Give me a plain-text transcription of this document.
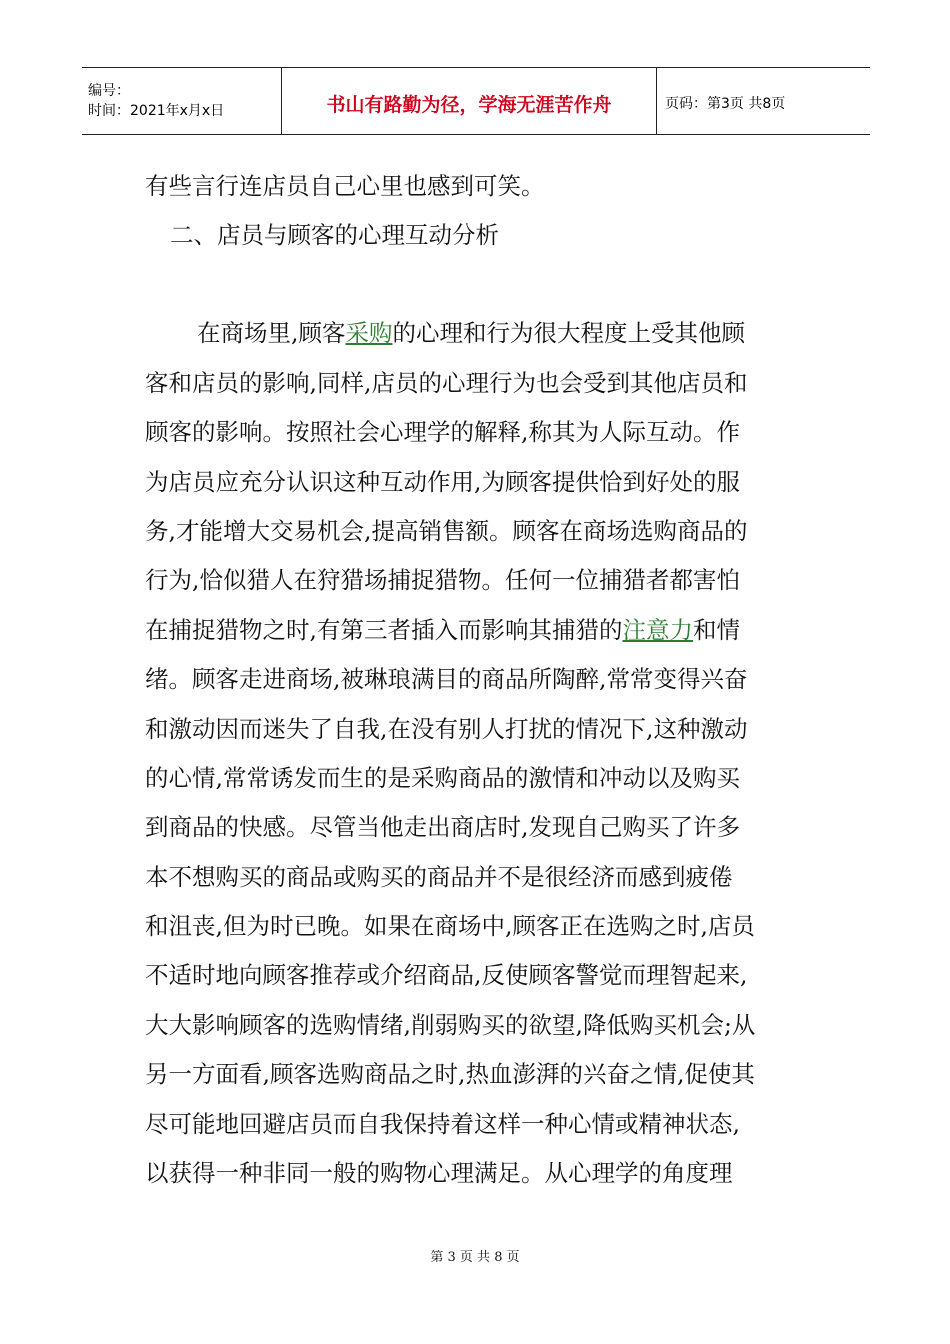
编号：
时间：2021年x月x日	书山有路勤为径，学海无涯苦作舟	页码：第3页 共8页
有些言行连店员自己心里也感到可笑。
二、店员与顾客的心理互动分析
在商场里,顾客采购的心理和行为很大程度上受其他顾
客和店员的影响,同样,店员的心理行为也会受到其他店员和
顾客的影响。按照社会心理学的解释,称其为人际互动。作
为店员应充分认识这种互动作用,为顾客提供恰到好处的服
务,才能增大交易机会,提高销售额。顾客在商场选购商品的
行为,恰似猎人在狩猎场捕捉猎物。任何一位捕猎者都害怕
在捕捉猎物之时,有第三者插入而影响其捕猎的注意力和情
绪。顾客走进商场,被琳琅满目的商品所陶醉,常常变得兴奋
和激动因而迷失了自我,在没有别人打扰的情况下,这种激动
的心情,常常诱发而生的是采购商品的激情和冲动以及购买
到商品的快感。尽管当他走出商店时,发现自己购买了许多
本不想购买的商品或购买的商品并不是很经济而感到疲倦
和沮丧,但为时已晚。如果在商场中,顾客正在选购之时,店员
不适时地向顾客推荐或介绍商品,反使顾客警觉而理智起来,
大大影响顾客的选购情绪,削弱购买的欲望,降低购买机会;从
另一方面看,顾客选购商品之时,热血澎湃的兴奋之情,促使其
尽可能地回避店员而自我保持着这样一种心情或精神状态,
以获得一种非同一般的购物心理满足。从心理学的角度理
第 3 页 共 8 页
